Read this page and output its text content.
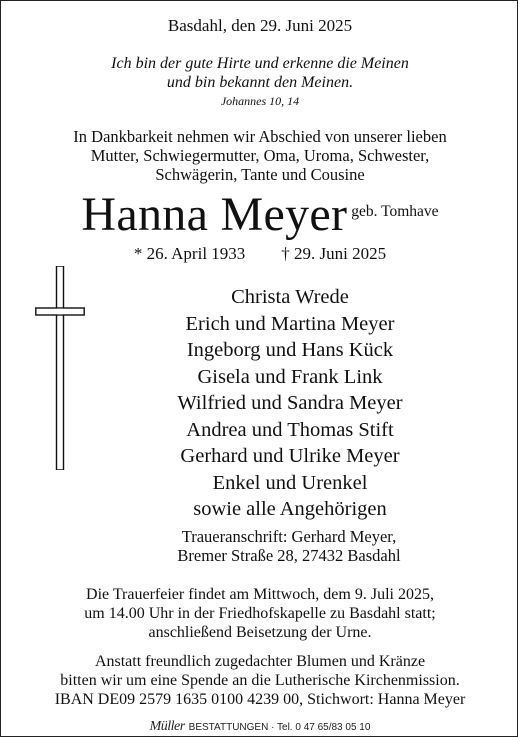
Basdahl, den 29. Juni 2025
Ich bin der gute Hirte und erkenne die Meinen
und bin bekannt den Meinen.
Johannes 10, 14
In Dankbarkeit nehmen wir Abschied von unserer lieben
Mutter, Schwiegermutter, Oma, Uroma, Schwester,
Schwägerin, Tante und Cousine
Hanna Meyer geb. Tomhave
* 26. April 1933 † 29. Juni 2025
Christa Wrede
Erich und Martina Meyer
Ingeborg und Hans Kück
Gisela und Frank Link
Wilfried und Sandra Meyer
Andrea und Thomas Stift
Gerhard und Ulrike Meyer
Enkel und Urenkel
sowie alle Angehörigen
Traueranschrift: Gerhard Meyer,
Bremer Straße 28, 27432 Basdahl
Die Trauerfeier findet am Mittwoch, dem 9. Juli 2025,
um 14.00 Uhr in der Friedhofskapelle zu Basdahl statt;
anschließend Beisetzung der Urne.
Anstatt freundlich zugedachter Blumen und Kränze
bitten wir um eine Spende an die Lutherische Kirchenmission.
IBAN DE09 2579 1635 0100 4239 00, Stichwort: Hanna Meyer
Müller BESTATTUNGEN · Tel. 0 47 65/83 05 10
